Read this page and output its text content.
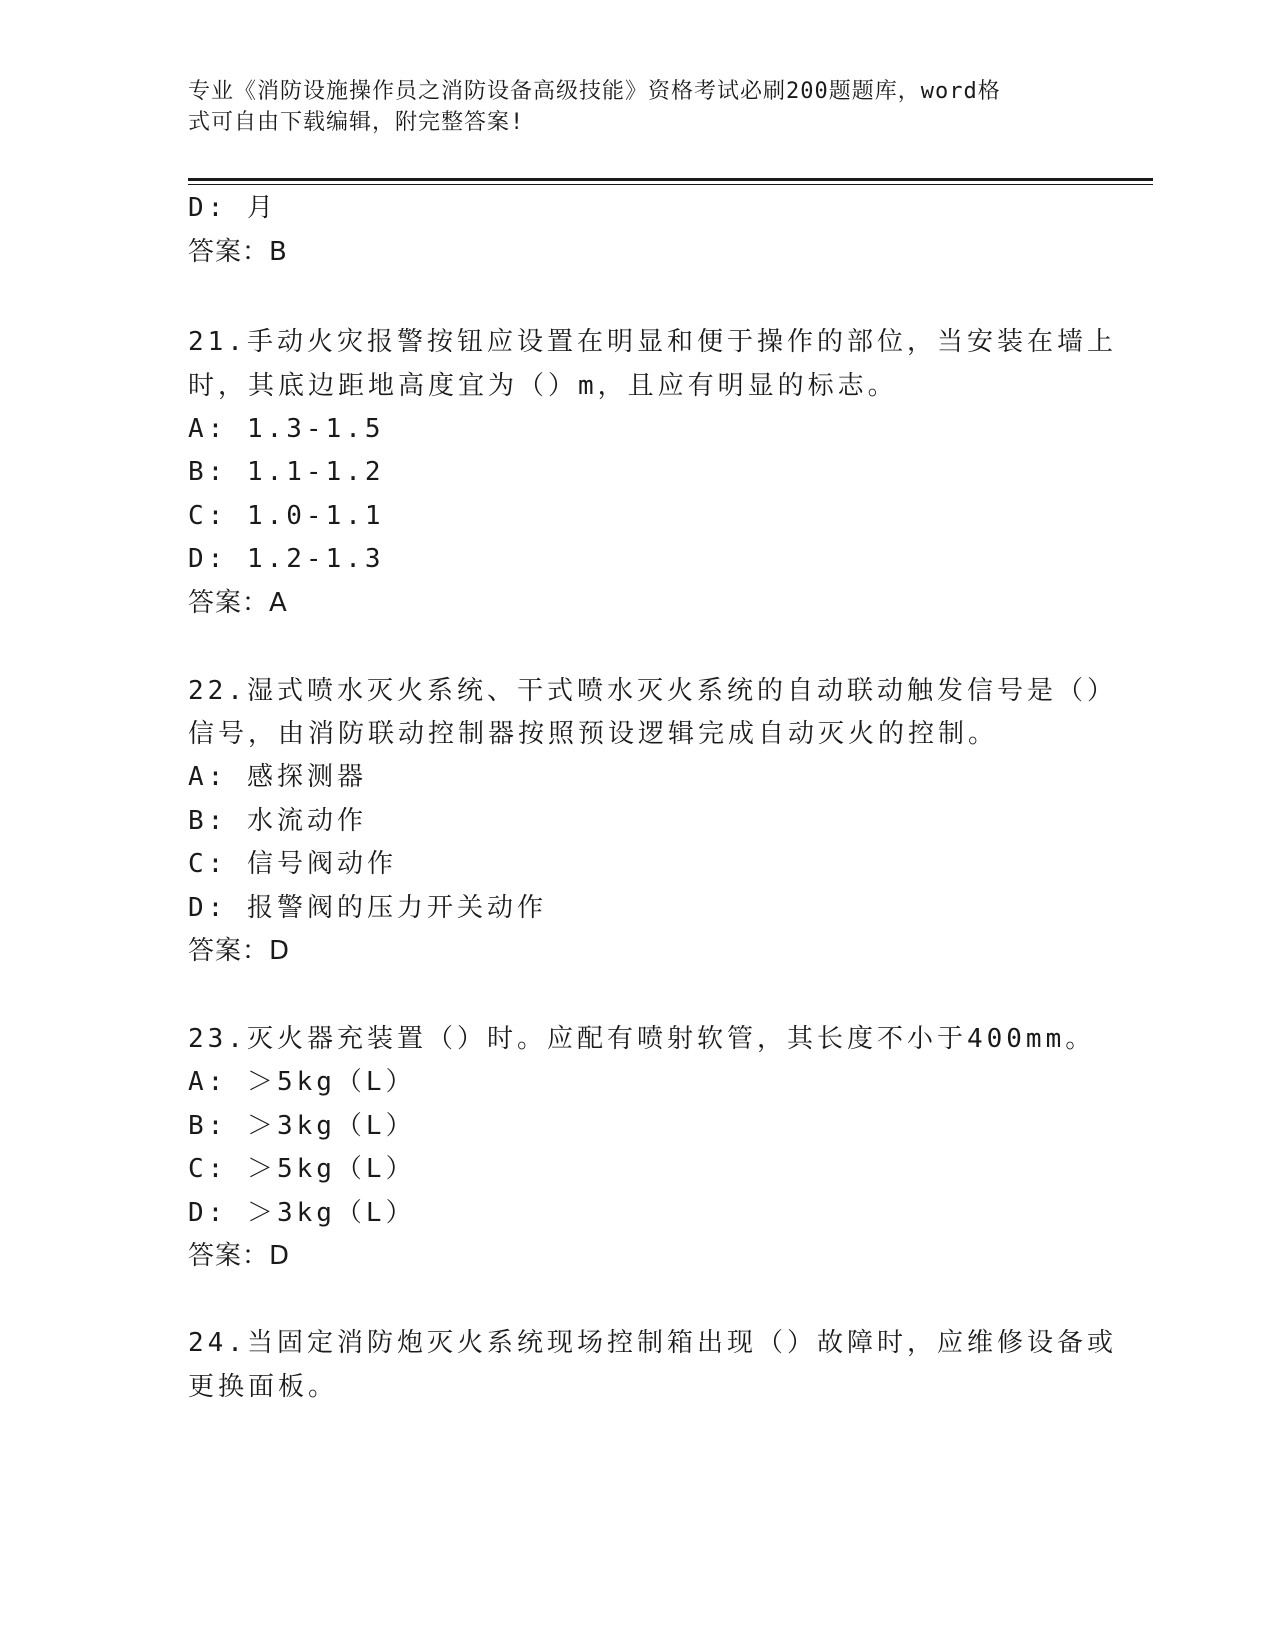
专业《消防设施操作员之消防设备高级技能》资格考试必刷200题题库，word格
式可自由下载编辑，附完整答案!
D: 月
答案：B
21.手动火灾报警按钮应设置在明显和便于操作的部位，当安装在墙上
时，其底边距地高度宜为（）m，且应有明显的标志。
A: 1.3-1.5
B: 1.1-1.2
C: 1.0-1.1
D: 1.2-1.3
答案：A
22.湿式喷水灭火系统、干式喷水灭火系统的自动联动触发信号是（）
信号，由消防联动控制器按照预设逻辑完成自动灭火的控制。
A: 感探测器
B: 水流动作
C: 信号阀动作
D: 报警阀的压力开关动作
答案：D
23.灭火器充装置（）时。应配有喷射软管，其长度不小于400mm。
A: ＞5kg（L）
B: ＞3kg（L）
C: ＞5kg（L）
D: ＞3kg（L）
答案：D
24.当固定消防炮灭火系统现场控制箱出现（）故障时，应维修设备或
更换面板。
